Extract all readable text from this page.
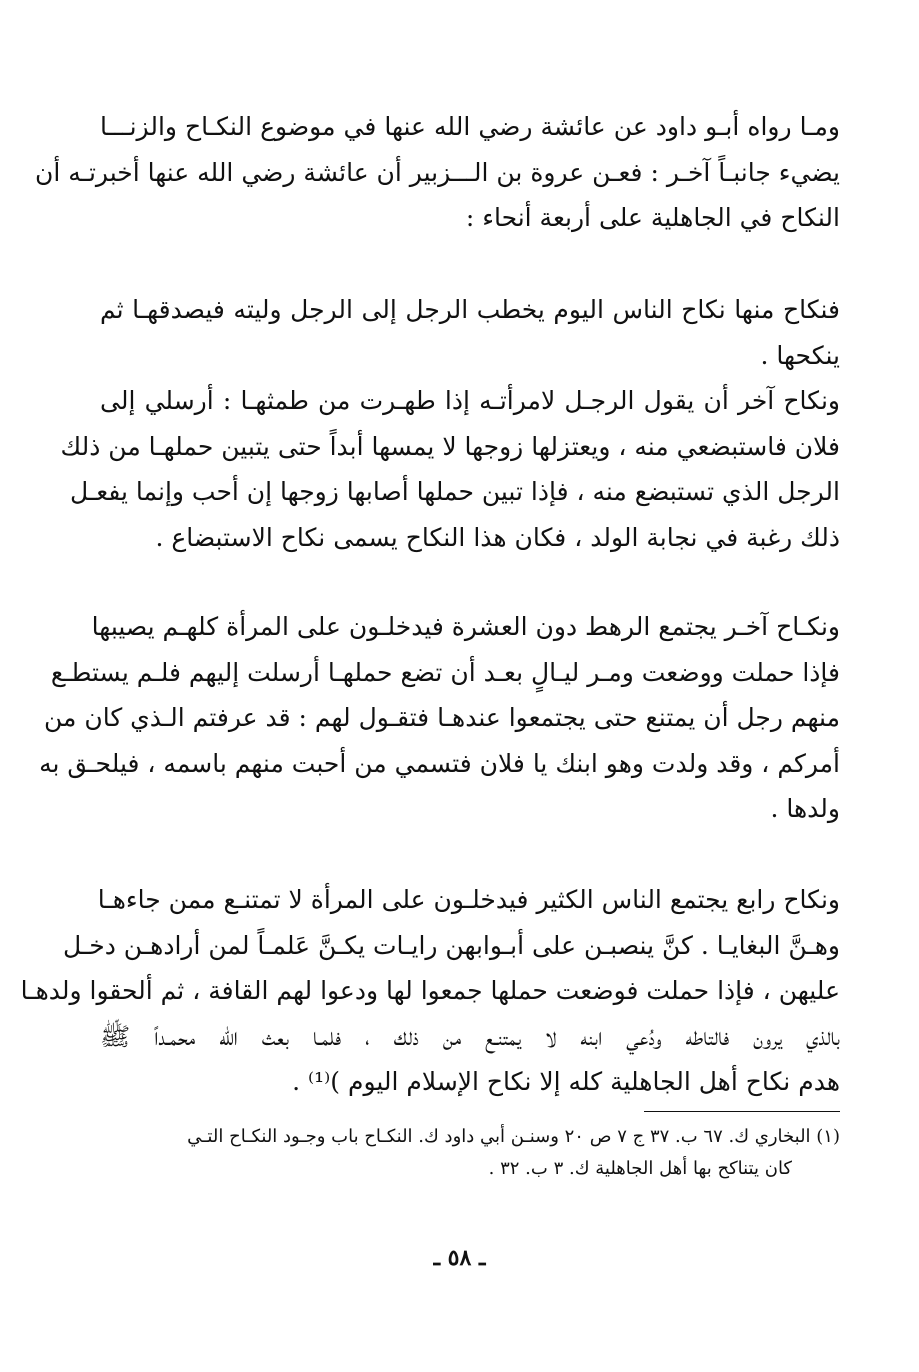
ومـا رواه أبـو داود عن عائشة رضي الله عنها في موضوع النكـاح والزنـــا
يضيء جانبـاً آخـر : فعـن عروة بن الـــزبير أن عائشة رضي الله عنها أخبرتـه أن
النكاح في الجاهلية على أربعة أنحاء :
فنكاح منها نكاح الناس اليوم يخطب الرجل إلى الرجل وليته فيصدقهـا ثم
ينكحها .
ونكاح آخر أن يقول الرجـل لامرأتـه إذا طهـرت من طمثهـا : أرسلي إلى
فلان فاستبضعي منه ، ويعتزلها زوجها لا يمسها أبداً حتى يتبين حملهـا من ذلك
الرجل الذي تستبضع منه ، فإذا تبين حملها أصابها زوجها إن أحب وإنما يفعـل
ذلك رغبة في نجابة الولد ، فكان هذا النكاح يسمى نكاح الاستبضاع .
ونكـاح آخـر يجتمع الرهط دون العشرة فيدخلـون على المرأة كلهـم يصيبها
فإذا حملت ووضعت ومـر ليـالٍ بعـد أن تضع حملهـا أرسلت إليهم فلـم يستطـع
منهم رجل أن يمتنع حتى يجتمعوا عندهـا فتقـول لهم : قد عرفتم الـذي كان من
أمركم ، وقد ولدت وهو ابنك يا فلان فتسمي من أحبت منهم باسمه ، فيلحـق به
ولدها .
ونكاح رابع يجتمع الناس الكثير فيدخلـون على المرأة لا تمتنـع ممن جاءهـا
وهـنَّ البغايـا . كنَّ ينصبـن على أبـوابهن رايـات يكـنَّ عَلمـاً لمن أرادهـن دخـل
عليهن ، فإذا حملت فوضعت حملها جمعوا لها ودعوا لهم القافة ، ثم ألحقوا ولدهـا
بالذي يرون فالتاطه ودُعي ابنه لا يمتنـع من ذلك ، فلمـا بعث الله محمـداً ﷺ
هدم نكاح أهل الجاهلية كله إلا نكاح الإسلام اليوم )⁽¹⁾ .
(١) البخاري ك. ٦٧ ب. ٣٧ ج ٧ ص ٢٠ وسنـن أبي داود ك. النكـاح باب وجـود النكـاح التـي
كان يتناكح بها أهل الجاهلية ك. ٣ ب. ٣٢ .
ـ ٥٨ ـ
